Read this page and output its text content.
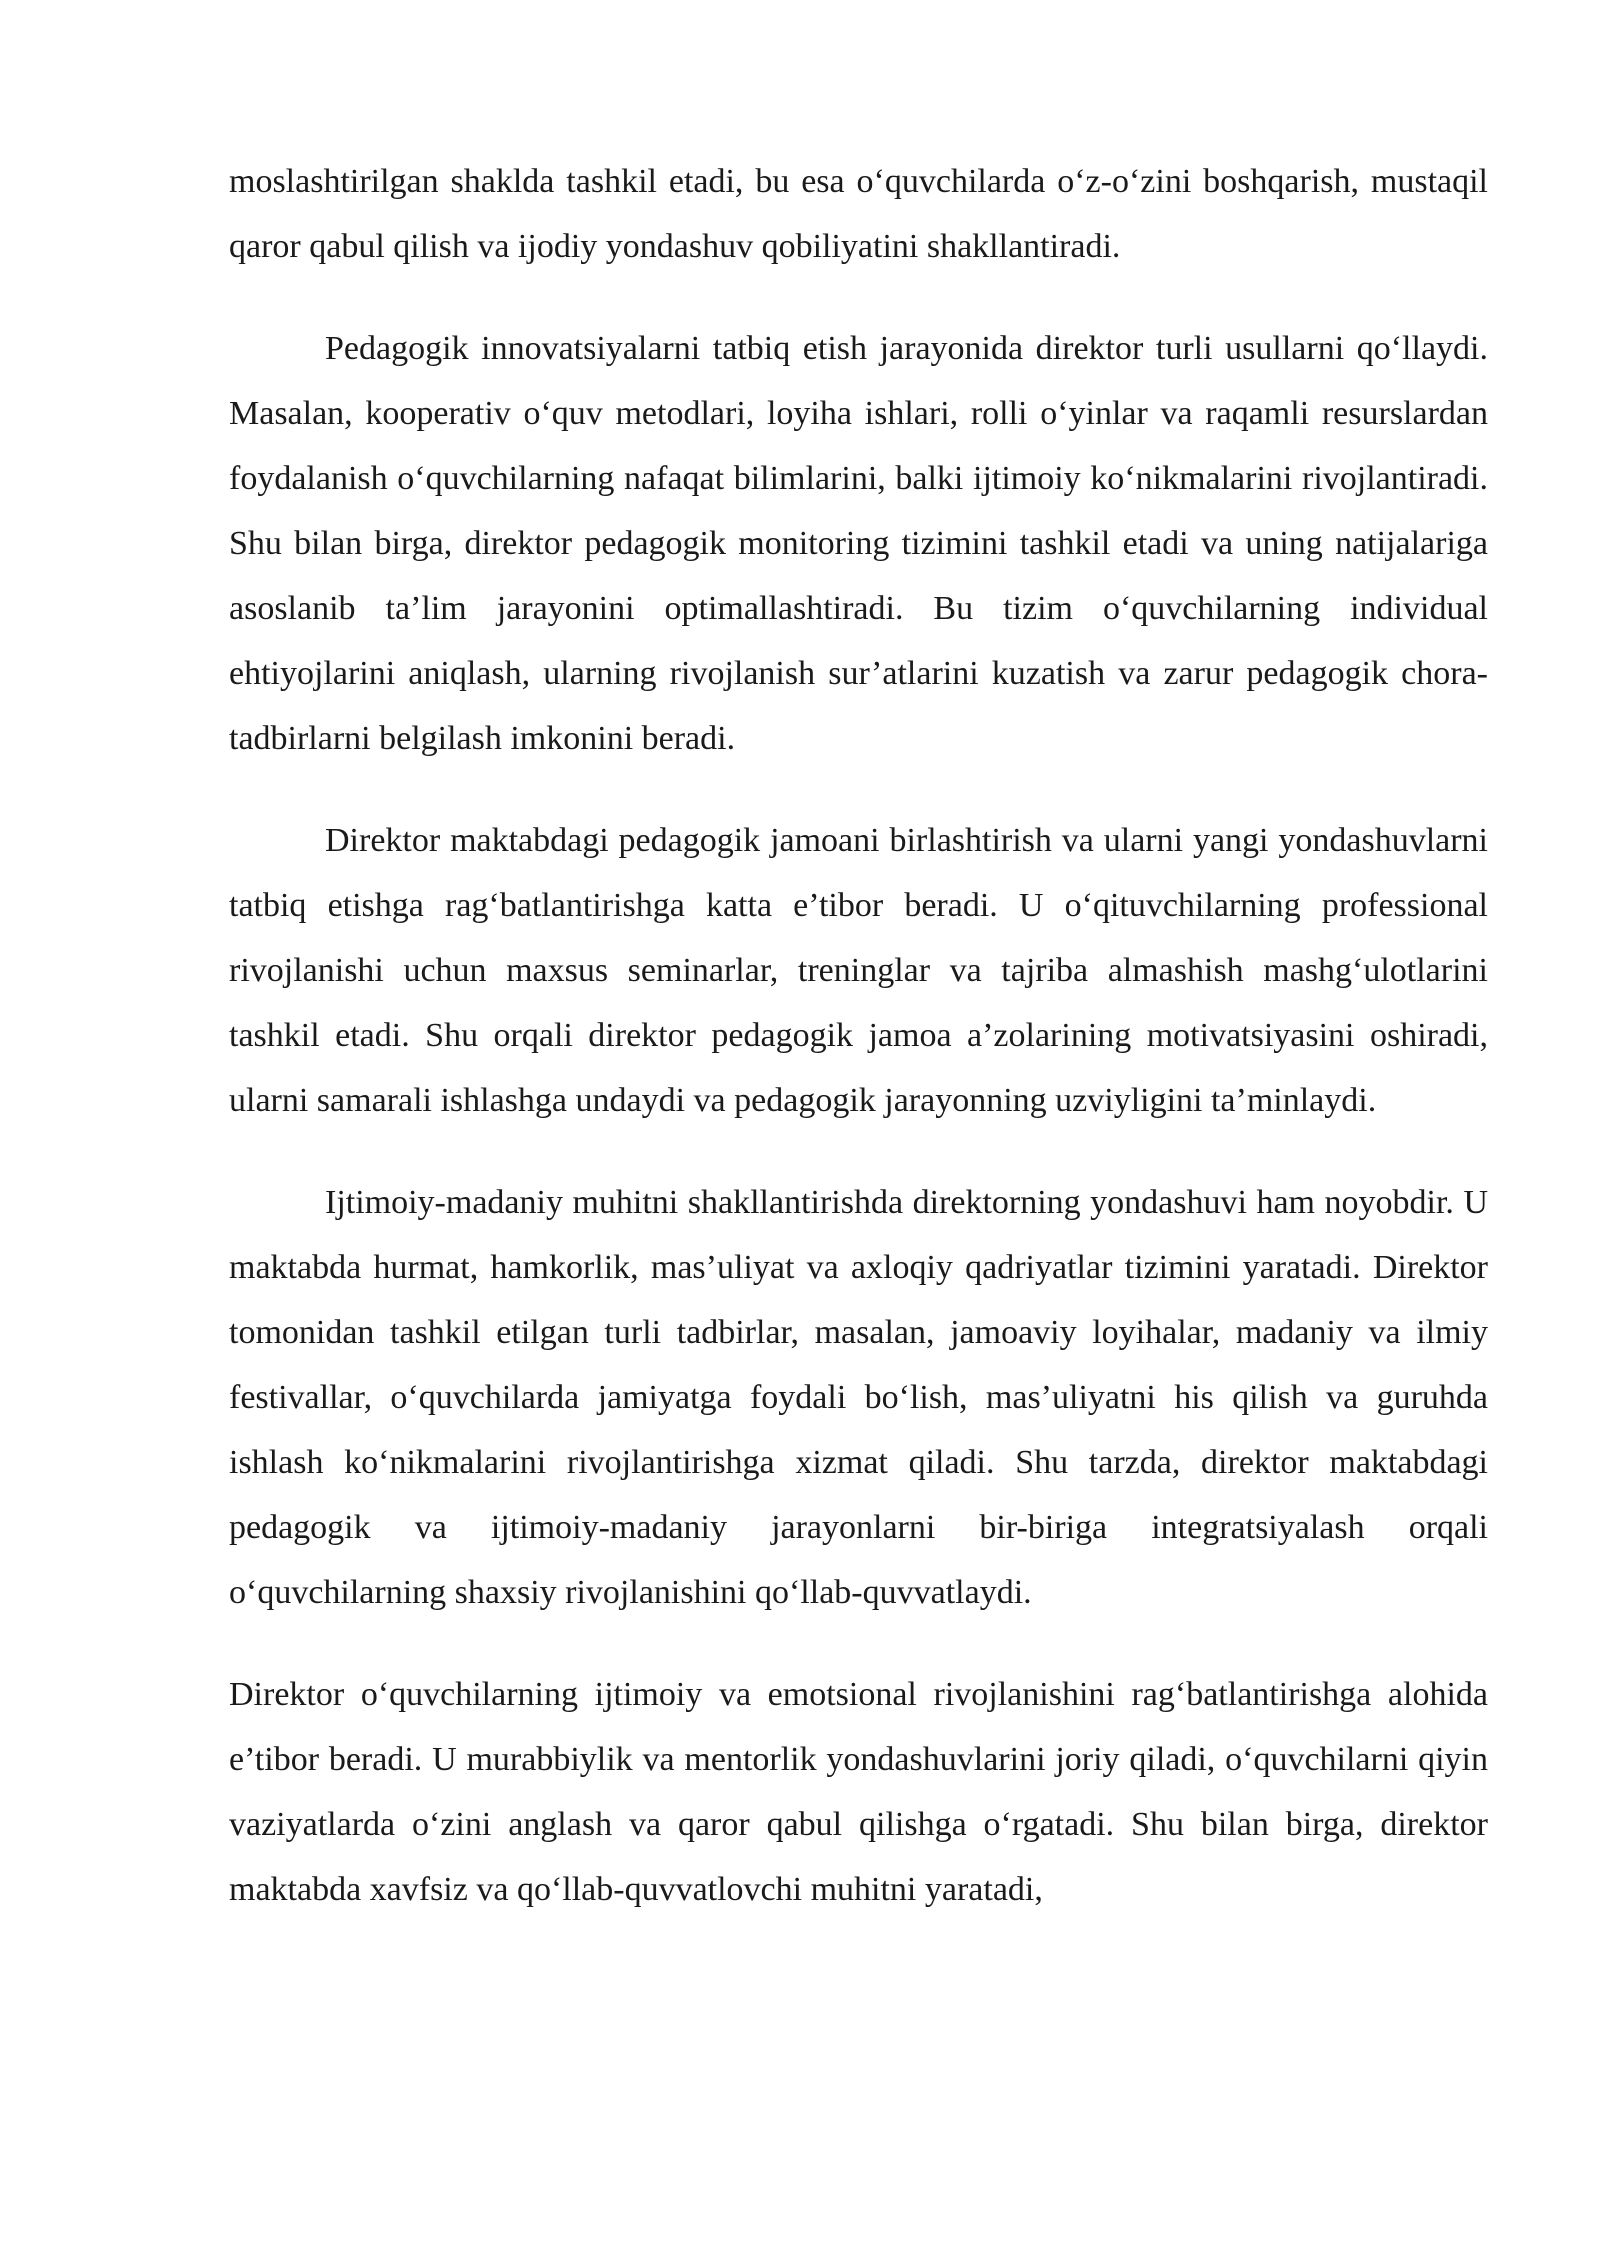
moslashtirilgan shaklda tashkil etadi, bu esa o‘quvchilarda o‘z-o‘zini boshqarish, mustaqil qaror qabul qilish va ijodiy yondashuv qobiliyatini shakllantiradi.

Pedagogik innovatsiyalarni tatbiq etish jarayonida direktor turli usullarni qo‘llaydi. Masalan, kooperativ o‘quv metodlari, loyiha ishlari, rolli o‘yinlar va raqamli resurslardan foydalanish o‘quvchilarning nafaqat bilimlarini, balki ijtimoiy ko‘nikmalarini rivojlantiradi. Shu bilan birga, direktor pedagogik monitoring tizimini tashkil etadi va uning natijalariga asoslanib ta’lim jarayonini optimallashtiradi. Bu tizim o‘quvchilarning individual ehtiyojlarini aniqlash, ularning rivojlanish sur’atlarini kuzatish va zarur pedagogik chora-tadbirlarni belgilash imkonini beradi.

Direktor maktabdagi pedagogik jamoani birlashtirish va ularni yangi yondashuvlarni tatbiq etishga rag‘batlantirishga katta e’tibor beradi. U o‘qituvchilarning professional rivojlanishi uchun maxsus seminarlar, treninglar va tajriba almashish mashg‘ulotlarini tashkil etadi. Shu orqali direktor pedagogik jamoa a’zolarining motivatsiyasini oshiradi, ularni samarali ishlashga undaydi va pedagogik jarayonning uzviyligini ta’minlaydi.

Ijtimoiy-madaniy muhitni shakllantirishda direktorning yondashuvi ham noyobdir. U maktabda hurmat, hamkorlik, mas’uliyat va axloqiy qadriyatlar tizimini yaratadi. Direktor tomonidan tashkil etilgan turli tadbirlar, masalan, jamoaviy loyihalar, madaniy va ilmiy festivallar, o‘quvchilarda jamiyatga foydali bo‘lish, mas’uliyatni his qilish va guruhda ishlash ko‘nikmalarini rivojlantirishga xizmat qiladi. Shu tarzda, direktor maktabdagi pedagogik va ijtimoiy-madaniy jarayonlarni bir-biriga integratsiyalash orqali o‘quvchilarning shaxsiy rivojlanishini qo‘llab-quvvatlaydi.

Direktor o‘quvchilarning ijtimoiy va emotsional rivojlanishini rag‘batlantirishga alohida e’tibor beradi. U murabbiylik va mentorlik yondashuvlarini joriy qiladi, o‘quvchilarni qiyin vaziyatlarda o‘zini anglash va qaror qabul qilishga o‘rgatadi. Shu bilan birga, direktor maktabda xavfsiz va qo‘llab-quvvatlovchi muhitni yaratadi,
